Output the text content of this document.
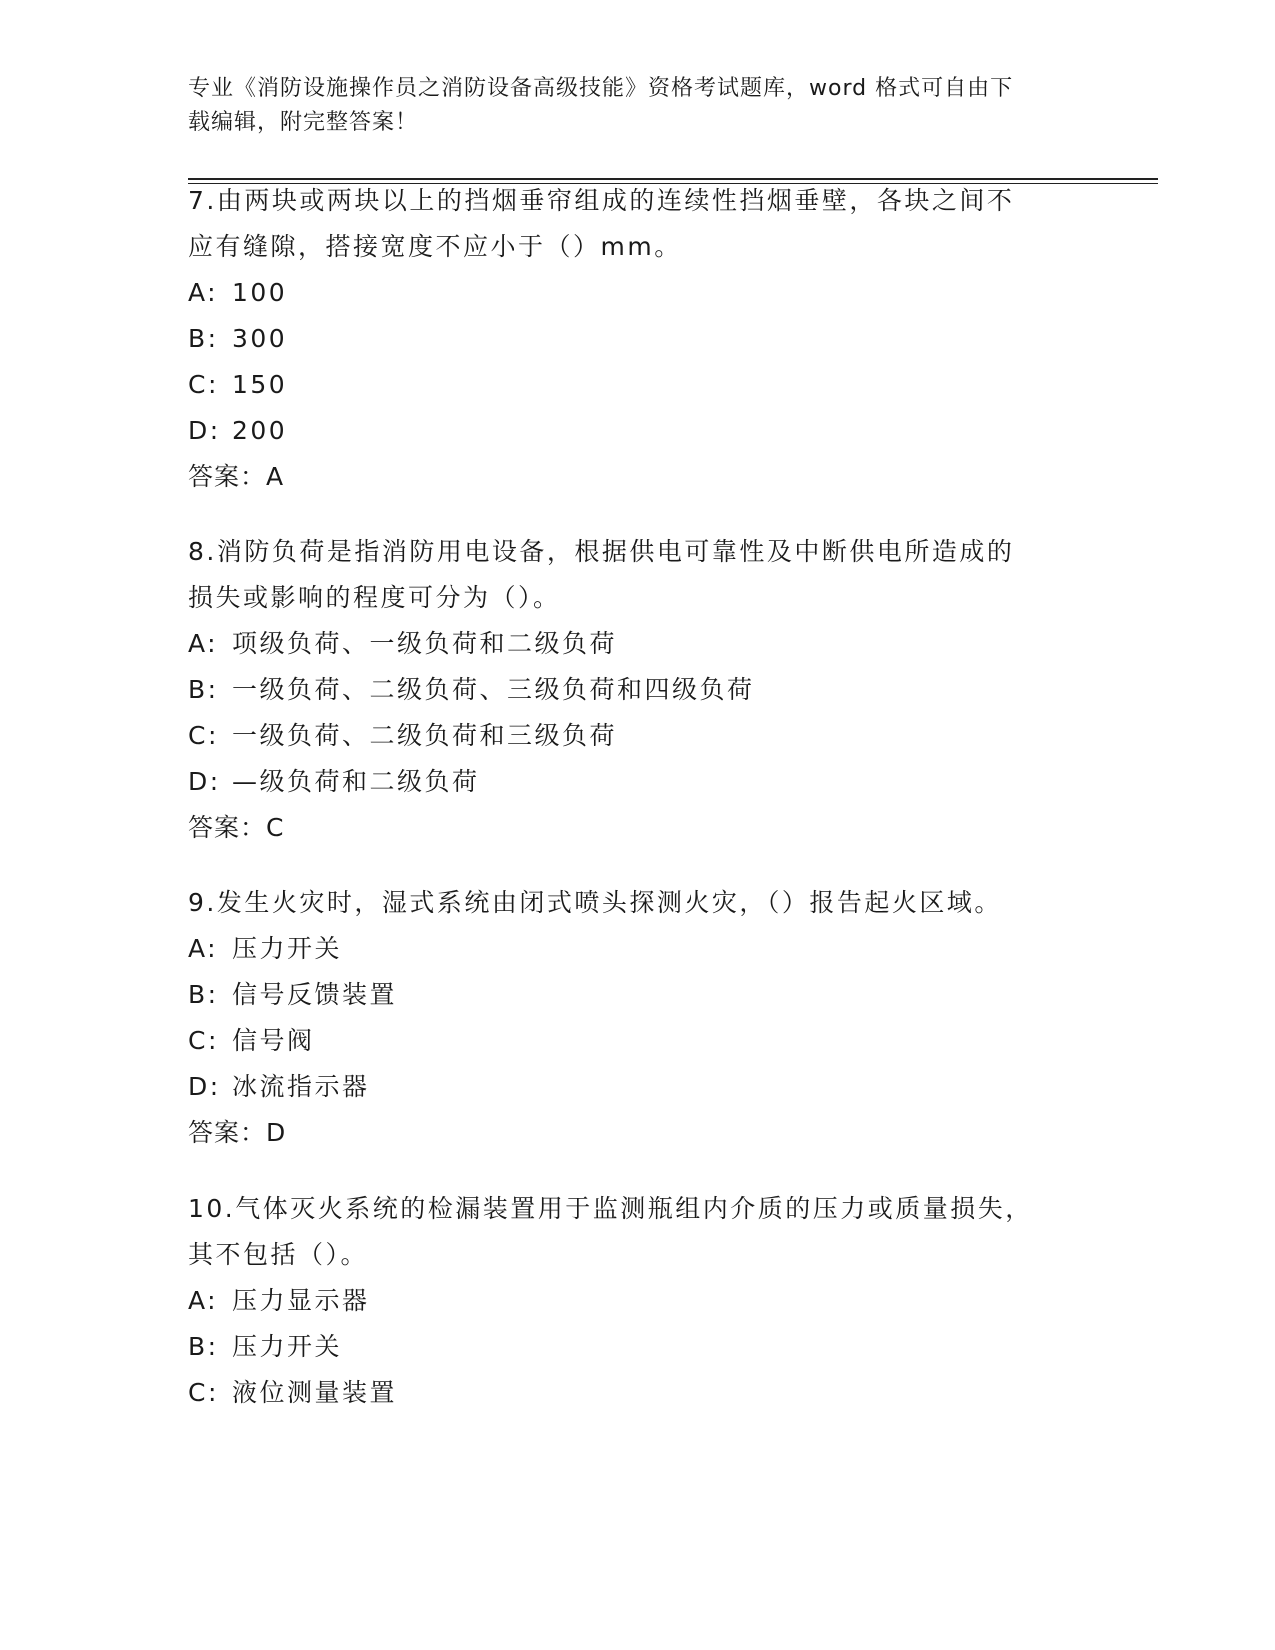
专业《消防设施操作员之消防设备高级技能》资格考试题库，word 格式可自由下
载编辑，附完整答案！

7.由两块或两块以上的挡烟垂帘组成的连续性挡烟垂壁，各块之间不

应有缝隙，搭接宽度不应小于（）mm。

A: 100

B: 300

C: 150

D: 200

答案：A

8.消防负荷是指消防用电设备，根据供电可靠性及中断供电所造成的

损失或影响的程度可分为（）。

A: 项级负荷、一级负荷和二级负荷

B: 一级负荷、二级负荷、三级负荷和四级负荷

C: 一级负荷、二级负荷和三级负荷

D: —级负荷和二级负荷

答案：C

9.发生火灾时，湿式系统由闭式喷头探测火灾，（）报告起火区域。

A: 压力开关

B: 信号反馈装置

C: 信号阀

D: 冰流指示器

答案：D

10.气体灭火系统的检漏装置用于监测瓶组内介质的压力或质量损失，

其不包括（）。

A: 压力显示器

B: 压力开关

C: 液位测量装置
